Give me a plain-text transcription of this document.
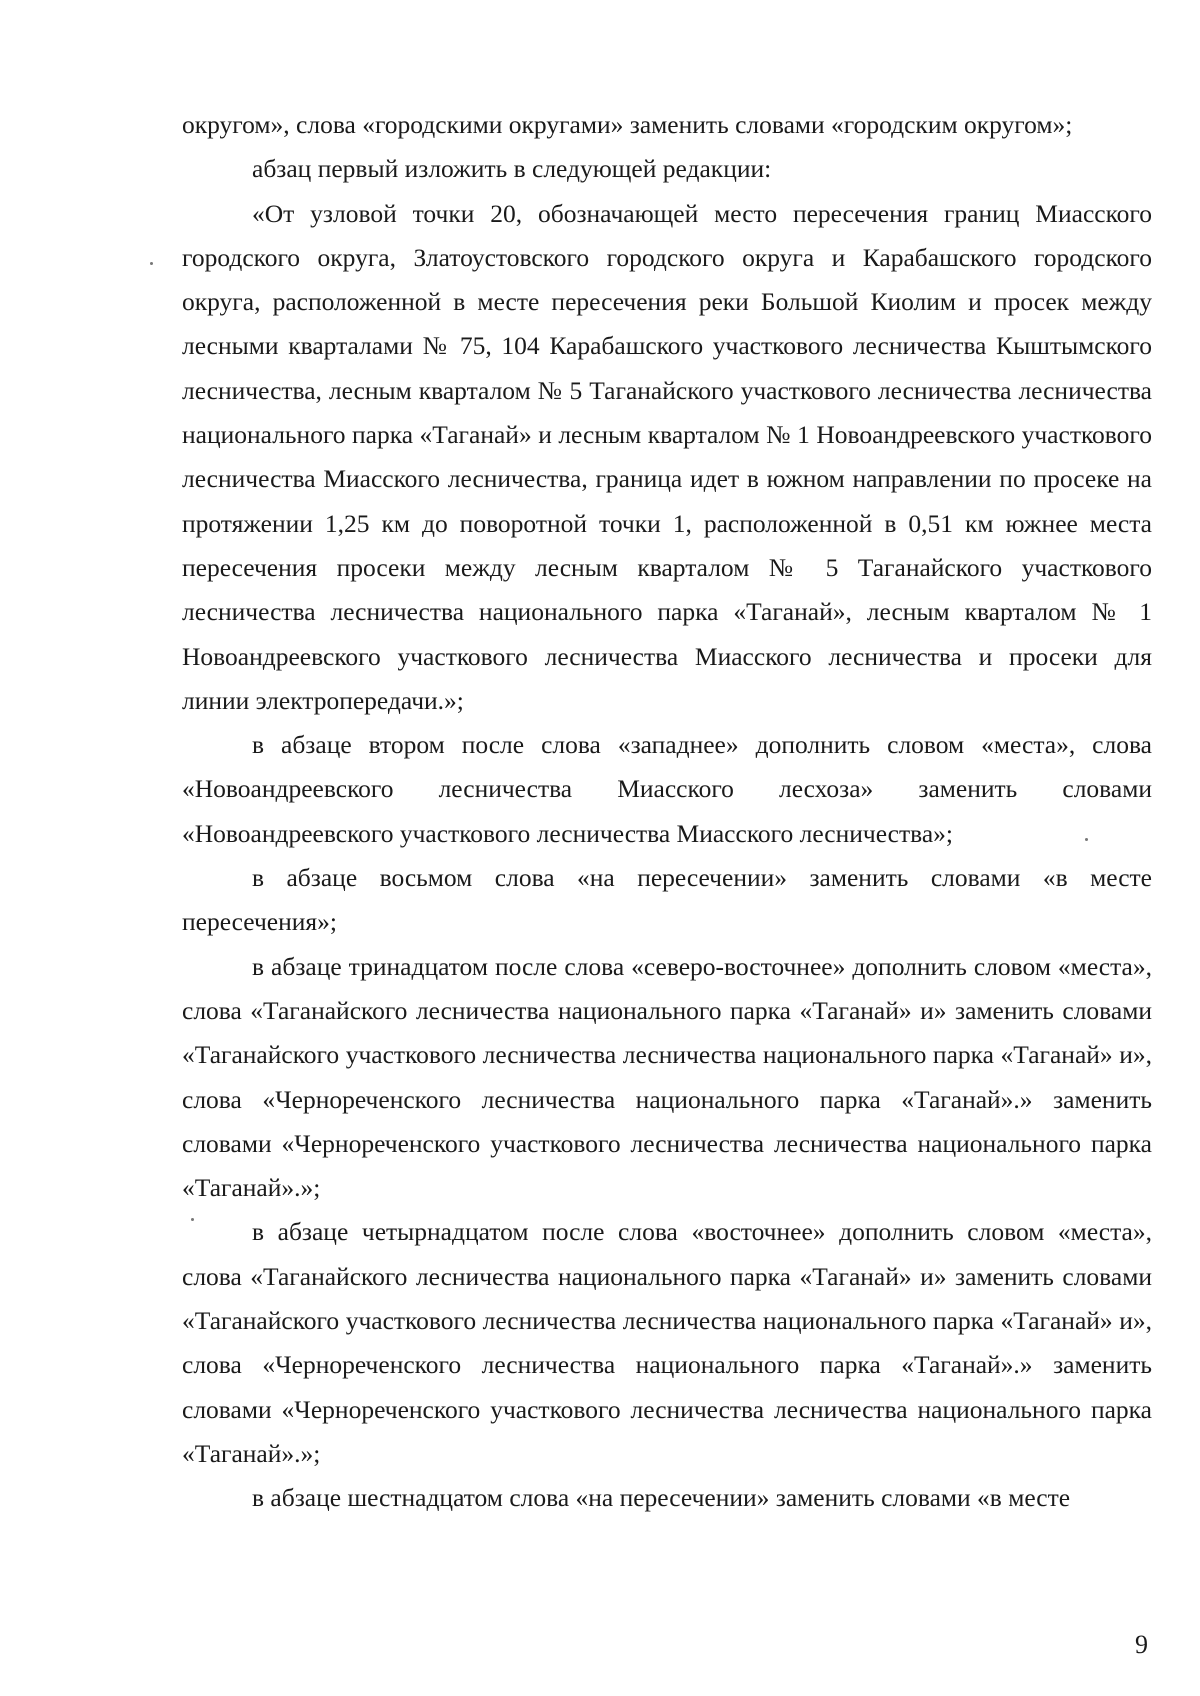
округом», слова «городскими округами» заменить словами «городским округом»;

абзац первый изложить в следующей редакции:

«От узловой точки 20, обозначающей место пересечения границ Миасского городского округа, Златоустовского городского округа и Карабашского городского округа, расположенной в месте пересечения реки Большой Киолим и просек между лесными кварталами № 75, 104 Карабашского участкового лесничества Кыштымского лесничества, лесным кварталом № 5 Таганайского участкового лесничества лесничества национального парка «Таганай» и лесным кварталом № 1 Новоандреевского участкового лесничества Миасского лесничества, граница идет в южном направлении по просеке на протяжении 1,25 км до поворотной точки 1, расположенной в 0,51 км южнее места пересечения просеки между лесным кварталом № 5 Таганайского участкового лесничества лесничества национального парка «Таганай», лесным кварталом № 1 Новоандреевского участкового лесничества Миасского лесничества и просеки для линии электропередачи.»;

в абзаце втором после слова «западнее» дополнить словом «места», слова «Новоандреевского лесничества Миасского лесхоза» заменить словами «Новоандреевского участкового лесничества Миасского лесничества»;

в абзаце восьмом слова «на пересечении» заменить словами «в месте пересечения»;

в абзаце тринадцатом после слова «северо-восточнее» дополнить словом «места», слова «Таганайского лесничества национального парка «Таганай» и» заменить словами «Таганайского участкового лесничества лесничества национального парка «Таганай» и», слова «Чернореченского лесничества национального парка «Таганай».» заменить словами «Чернореченского участкового лесничества лесничества национального парка «Таганай».»;

в абзаце четырнадцатом после слова «восточнее» дополнить словом «места», слова «Таганайского лесничества национального парка «Таганай» и» заменить словами «Таганайского участкового лесничества лесничества национального парка «Таганай» и», слова «Чернореченского лесничества национального парка «Таганай».» заменить словами «Чернореченского участкового лесничества лесничества национального парка «Таганай».»;

в абзаце шестнадцатом слова «на пересечении» заменить словами «в месте

9
